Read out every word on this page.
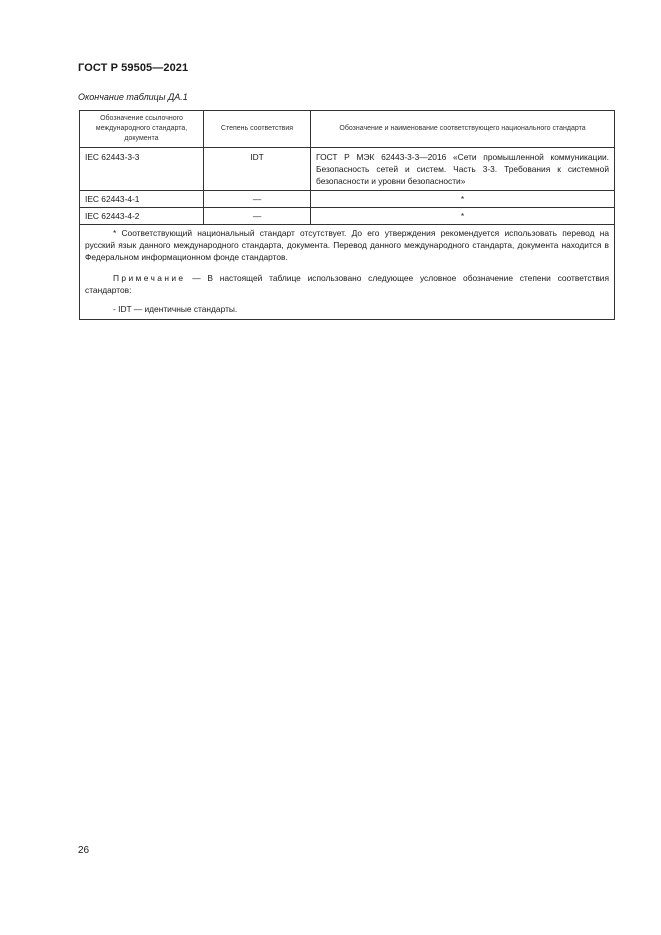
ГОСТ Р 59505—2021
Окончание таблицы ДА.1
Обозначение ссылочного международного стандарта, документа	Степень соответствия	Обозначение и наименование соответствующего национального стандарта
IEC 62443-3-3	IDT	ГОСТ Р МЭК 62443-3-3—2016 «Сети промышленной коммуникации. Безопасность сетей и систем. Часть 3-3. Требования к системной безопасности и уровни безопасности»
IEC 62443-4-1	—	*
IEC 62443-4-2	—	*

* Соответствующий национальный стандарт отсутствует. До его утверждения рекомендуется использовать перевод на русский язык данного международного стандарта, документа. Перевод данного международного стандарта, документа находится в Федеральном информационном фонде стандартов.

Примечание — В настоящей таблице использовано следующее условное обозначение степени соответствия стандартов:

- IDT — идентичные стандарты.		

26
